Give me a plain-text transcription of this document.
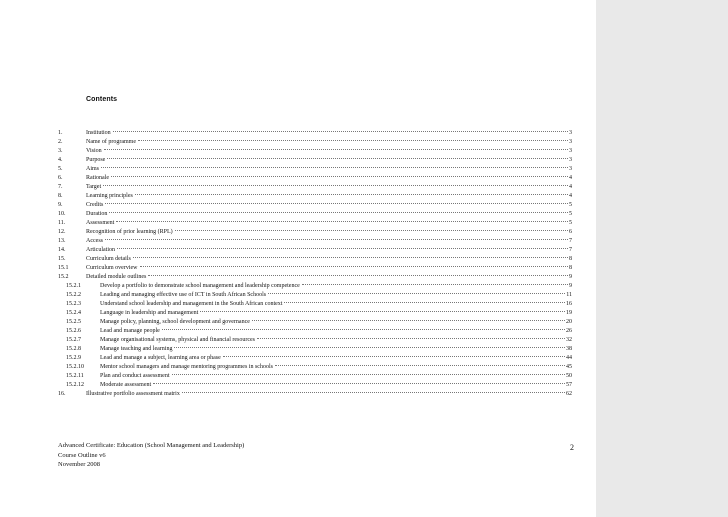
Contents
1.	Institution	3
2.	Name of programme	3
3.	Vision	3
4.	Purpose	3
5.	Aims	3
6.	Rationale	4
7.	Target	4
8.	Learning principles	4
9.	Credits	5
10.	Duration	5
11.	Assessment	5
12.	Recognition of prior learning (RPL)	6
13.	Access	7
14.	Articulation	7
15.	Curriculum details	8
15.1	Curriculum overview	8
15.2	Detailed module outlines	9
15.2.1	Develop a portfolio to demonstrate school management and leadership competence	9
15.2.2	Leading and managing effective use of ICT in South African Schools	11
15.2.3	Understand school leadership and management in the South African context	16
15.2.4	Language in leadership and management	19
15.2.5	Manage policy, planning, school development and governance	20
15.2.6	Lead and manage people	26
15.2.7	Manage organisational systems, physical and financial resources	32
15.2.8	Manage teaching and learning	38
15.2.9	Lead and manage a subject, learning area or phase	44
15.2.10	Mentor school managers and manage mentoring programmes in schools	45
15.2.11	Plan and conduct assessment	50
15.2.12	Moderate assessment	57
16.	Illustrative portfolio assessment matrix	62
Advanced Certificate: Education (School Management and Leadership)
Course Outline v6
November 2008
2
